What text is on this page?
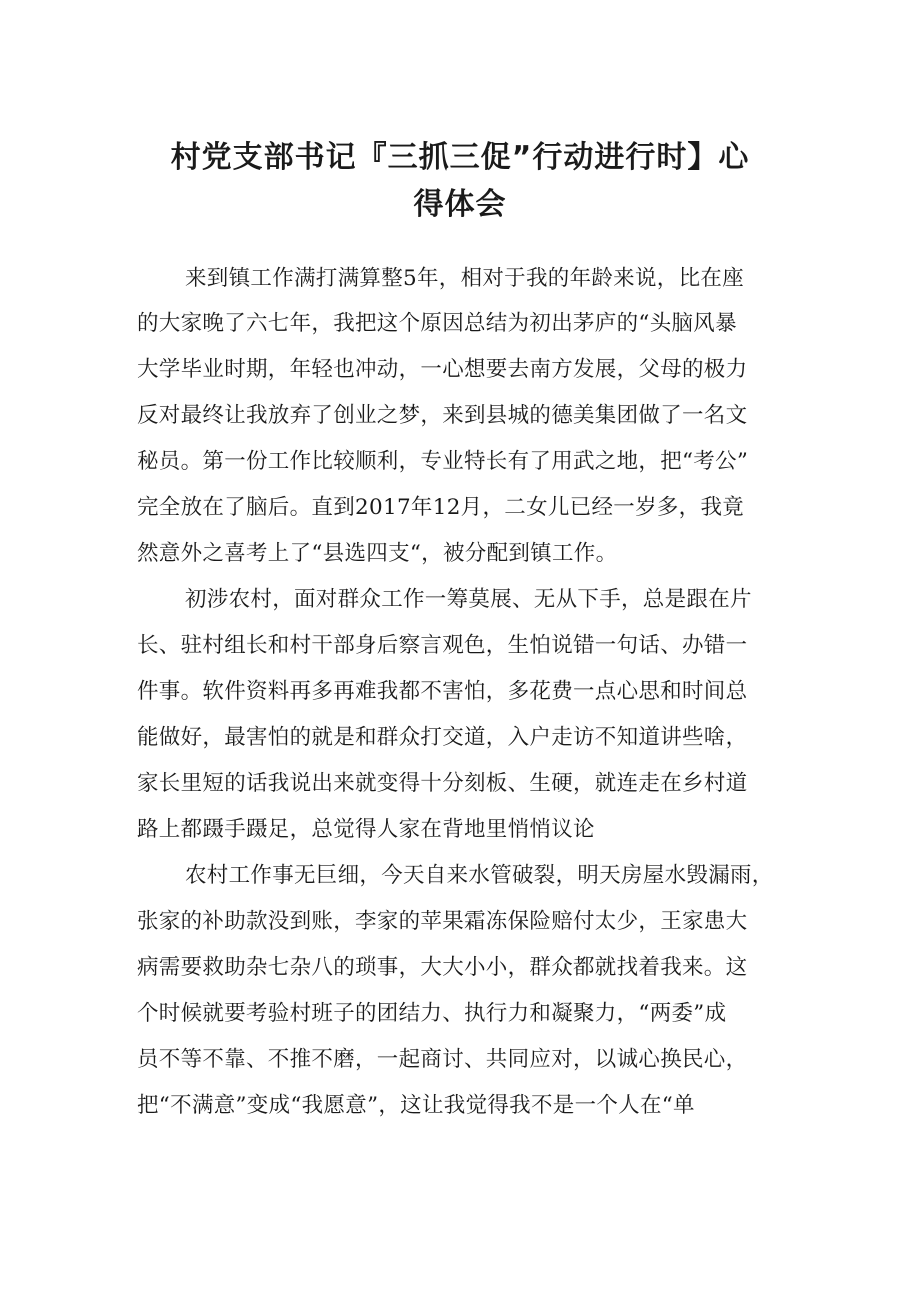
村党支部书记『三抓三促”行动进行时】心
得体会

来到镇工作满打满算整5年，相对于我的年龄来说，比在座

的大家晚了六七年，我把这个原因总结为初出茅庐的“头脑风暴

大学毕业时期，年轻也冲动，一心想要去南方发展，父母的极力

反对最终让我放弃了创业之梦，来到县城的德美集团做了一名文

秘员。第一份工作比较顺利，专业特长有了用武之地，把“考公”

完全放在了脑后。直到2017年12月，二女儿已经一岁多，我竟

然意外之喜考上了“县选四支“，被分配到镇工作。

初涉农村，面对群众工作一筹莫展、无从下手，总是跟在片

长、驻村组长和村干部身后察言观色，生怕说错一句话、办错一

件事。软件资料再多再难我都不害怕，多花费一点心思和时间总

能做好，最害怕的就是和群众打交道，入户走访不知道讲些啥，

家长里短的话我说出来就变得十分刻板、生硬，就连走在乡村道

路上都蹑手蹑足，总觉得人家在背地里悄悄议论

农村工作事无巨细，今天自来水管破裂，明天房屋水毁漏雨，

张家的补助款没到账，李家的苹果霜冻保险赔付太少，王家患大

病需要救助杂七杂八的琐事，大大小小，群众都就找着我来。这

个时候就要考验村班子的团结力、执行力和凝聚力，“两委”成

员不等不靠、不推不磨，一起商讨、共同应对，以诚心换民心，

把“不满意”变成“我愿意”，这让我觉得我不是一个人在“单
